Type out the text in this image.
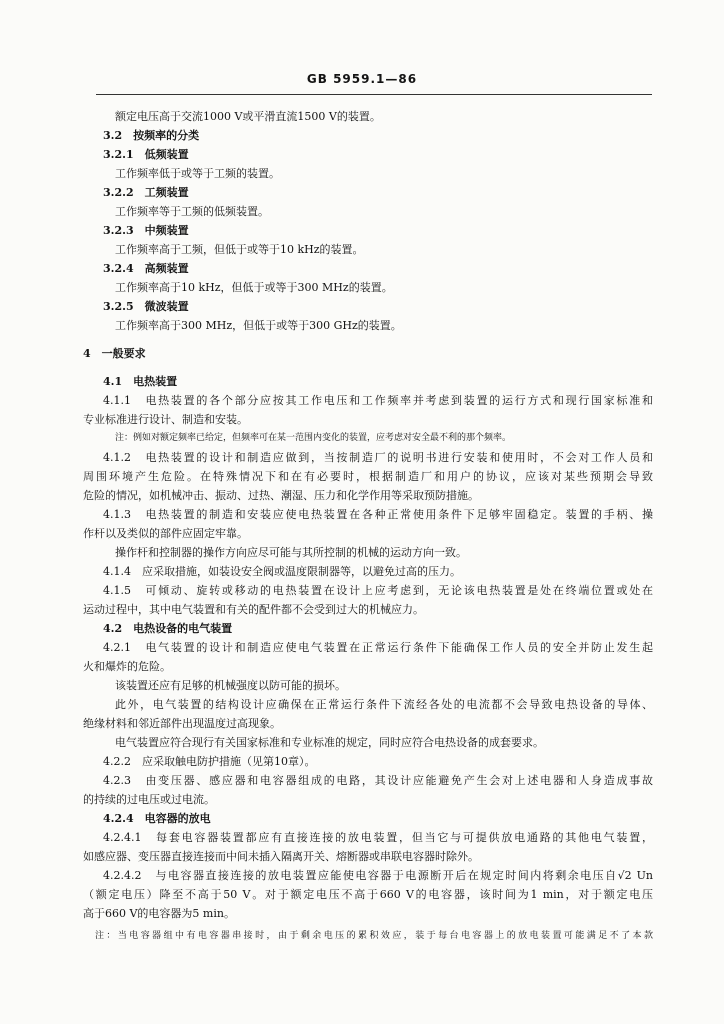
GB 5959.1—86
额定电压高于交流1000 V或平滑直流1500 V的装置。
3.2　按频率的分类
3.2.1　低频装置
工作频率低于或等于工频的装置。
3.2.2　工频装置
工作频率等于工频的低频装置。
3.2.3　中频装置
工作频率高于工频，但低于或等于10 kHz的装置。
3.2.4　高频装置
工作频率高于10 kHz，但低于或等于300 MHz的装置。
3.2.5　微波装置
工作频率高于300 MHz，但低于或等于300 GHz的装置。
4　一般要求
4.1　电热装置
4.1.1　电热装置的各个部分应按其工作电压和工作频率并考虑到装置的运行方式和现行国家标准和
专业标准进行设计、制造和安装。
注：例如对额定频率已给定，但频率可在某一范围内变化的装置，应考虑对安全最不利的那个频率。
4.1.2　电热装置的设计和制造应做到，当按制造厂的说明书进行安装和使用时，不会对工作人员和
周围环境产生危险。在特殊情况下和在有必要时，根据制造厂和用户的协议，应该对某些预期会导致
危险的情况，如机械冲击、振动、过热、潮湿、压力和化学作用等采取预防措施。
4.1.3　电热装置的制造和安装应使电热装置在各种正常使用条件下足够牢固稳定。装置的手柄、操
作杆以及类似的部件应固定牢靠。
操作杆和控制器的操作方向应尽可能与其所控制的机械的运动方向一致。
4.1.4　应采取措施，如装设安全阀或温度限制器等，以避免过高的压力。
4.1.5　可倾动、旋转或移动的电热装置在设计上应考虑到，无论该电热装置是处在终端位置或处在
运动过程中，其中电气装置和有关的配件都不会受到过大的机械应力。
4.2　电热设备的电气装置
4.2.1　电气装置的设计和制造应使电气装置在正常运行条件下能确保工作人员的安全并防止发生起
火和爆炸的危险。
该装置还应有足够的机械强度以防可能的损坏。
此外，电气装置的结构设计应确保在正常运行条件下流经各处的电流都不会导致电热设备的导体、
绝缘材料和邻近部件出现温度过高现象。
电气装置应符合现行有关国家标准和专业标准的规定，同时应符合电热设备的成套要求。
4.2.2　应采取触电防护措施（见第10章）。
4.2.3　由变压器、感应器和电容器组成的电路，其设计应能避免产生会对上述电器和人身造成事故
的持续的过电压或过电流。
4.2.4　电容器的放电
4.2.4.1　每套电容器装置都应有直接连接的放电装置，但当它与可提供放电通路的其他电气装置，
如感应器、变压器直接连接而中间未插入隔离开关、熔断器或串联电容器时除外。
4.2.4.2　与电容器直接连接的放电装置应能使电容器于电源断开后在规定时间内将剩余电压自√2 Un
（额定电压）降至不高于50 V。对于额定电压不高于660 V的电容器，该时间为1 min，对于额定电压
高于660 V的电容器为5 min。
注：当电容器组中有电容器串接时，由于剩余电压的累积效应，装于每台电容器上的放电装置可能满足不了本款
